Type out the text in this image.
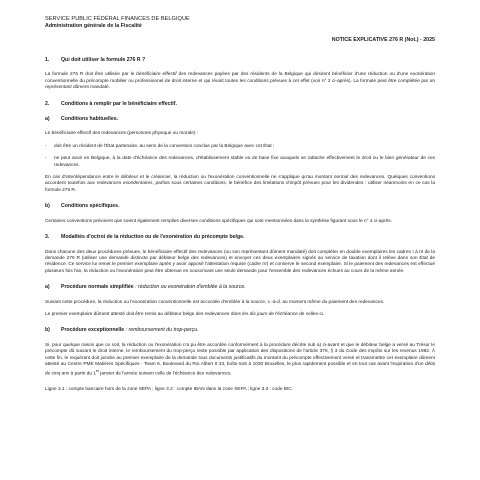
SERVICE PUBLIC FÉDÉRAL FINANCES DE BELGIQUE
Administration générale de la Fiscalité
NOTICE EXPLICATIVE 276 R (Not.) - 2025
1.	Qui doit utiliser la formule 276 R ?

La formule 276 R doit être utilisée par le bénéficiaire effectif des redevances payées par des résidents de la Belgique qui désirent bénéficier d'une réduction ou d'une exonération conventionnelle du précompte mobilier ou professionnel de droit interne et qui réunit toutes les conditions prévues à cet effet (voir n° 2 ci-après). La formule peut être complétée par un représentant dûment mandaté.

2.	Conditions à remplir par le bénéficiaire effectif.
a)	Conditions habituelles.

Le bénéficiaire effectif des redevances (personnes physique ou morale) :

-	doit être un résident de l'État partenaire, au sens de la convention conclue par la Belgique avec cet État ;
-	ne peut avoir en Belgique, à la date d'échéance des redevances, d'établissement stable ou de base fixe auxquels se rattache effectivement le droit ou le bien générateur de ces redevances.

En cas d'interdépendance entre le débiteur et le créancier, la réduction ou l'exonération conventionnelle ne s'applique qu'au montant normal des redevances. Quelques conventions accordent toutefois aux redevances excédentaires, parfois sous certaines conditions, le bénéfice des limitations d'impôt prévues pour les dividendes : utiliser néanmoins en ce cas la formule 276 R.

b)	Conditions spécifiques.

Certaines conventions prévoient que soient également remplies diverses conditions spécifiques qui sont mentionnées dans la synthèse figurant sous le n° 4 ci-après.

3.	Modalités d'octroi de la réduction ou de l'exonération du précompte belge.

Dans chacune des deux procédures prévues, le bénéficiaire effectif des redevances (ou son représentant dûment mandaté) doit compléter en double exemplaires les cadres I à III de la demande 276 R (utiliser une demande distincte par débiteur belge des redevances) et envoyer ces deux exemplaires signés au service de taxation dont il relève dans son État de résidence. Ce service lui remet le premier exemplaire après y avoir apposé l'attestation requise (cadre IV) et conserve le second exemplaire. Si le paiement des redevances est effectué plusieurs fois l'an, la réduction ou l'exonération peut être obtenue en souscrivant une seule demande pour l'ensemble des redevances échues au cours de la même année.

a)	Procédure normale simplifiée : réduction ou exonération d'emblée à la source.

Suivant cette procédure, la réduction ou l'exonération conventionnelle est accordée d'emblée à la source, c.-à-d. au moment même du paiement des redevances.

Le premier exemplaire dûment attesté doit être remis au débiteur belge des redevances dans les dix jours de l'échéance de celles-ci.

b)	Procédure exceptionnelle : remboursement du trop-perçu.

Si, pour quelque raison que ce soit, la réduction ou l'exonération n'a pu être accordée conformément à la procédure décrite sub a) ci-avant et que le débiteur belge a versé au Trésor le précompte dû suivant le droit interne, le remboursement du trop-perçu reste possible par application des dispositions de l'article 376, § 3 du Code des impôts sur les revenus 1992. À cette fin, le requérant doit joindre au premier exemplaire de la demande tous documents justificatifs du montant du précompte effectivement versé et transmettre cet exemplaire dûment attesté au Centre PME Matières Spécifiques - Team 6, Boulevard du Roi Albert II 33, boîte 516 à 1030 Bruxelles, le plus rapidement possible et en tout cas avant l'expiration d'un délai de cinq ans à partir du 1er janvier de l'année suivant celle de l'échéance des redevances.

Ligne 3.1 : compte bancaire hors de la zone SEPA ; ligne 3.2 : compte IBAN dans la zone SEPA ; ligne 3.3 : code BIC.
